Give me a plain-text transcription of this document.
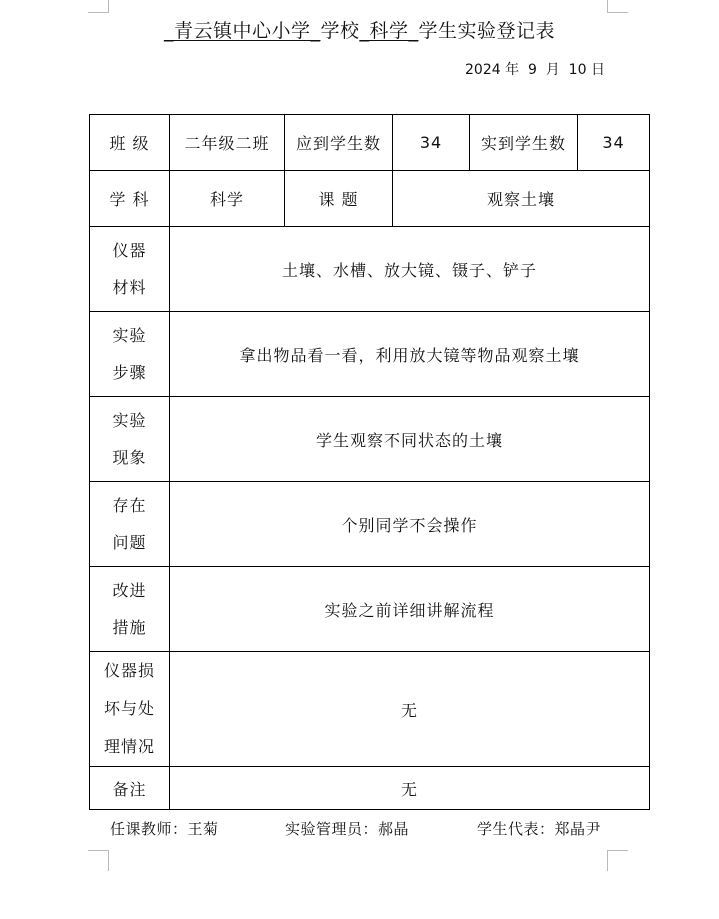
_青云镇中心小学_学校_科学_学生实验登记表
2024 年  9  月  10 日
班 级	二年级二班	应到学生数	34	实到学生数	34
学 科	科学	课 题	观察土壤		

仪器
材料	土壤、水槽、放大镜、镊子、铲子				

实验
步骤	拿出物品看一看，利用放大镜等物品观察土壤				

实验
现象	学生观察不同状态的土壤				

存在
问题	个别同学不会操作				

改进
措施	实验之前详细讲解流程				

仪器损
坏与处
理情况	无				
备注	无				
任课教师：王菊	实验管理员：郝晶	学生代表：郑晶尹
